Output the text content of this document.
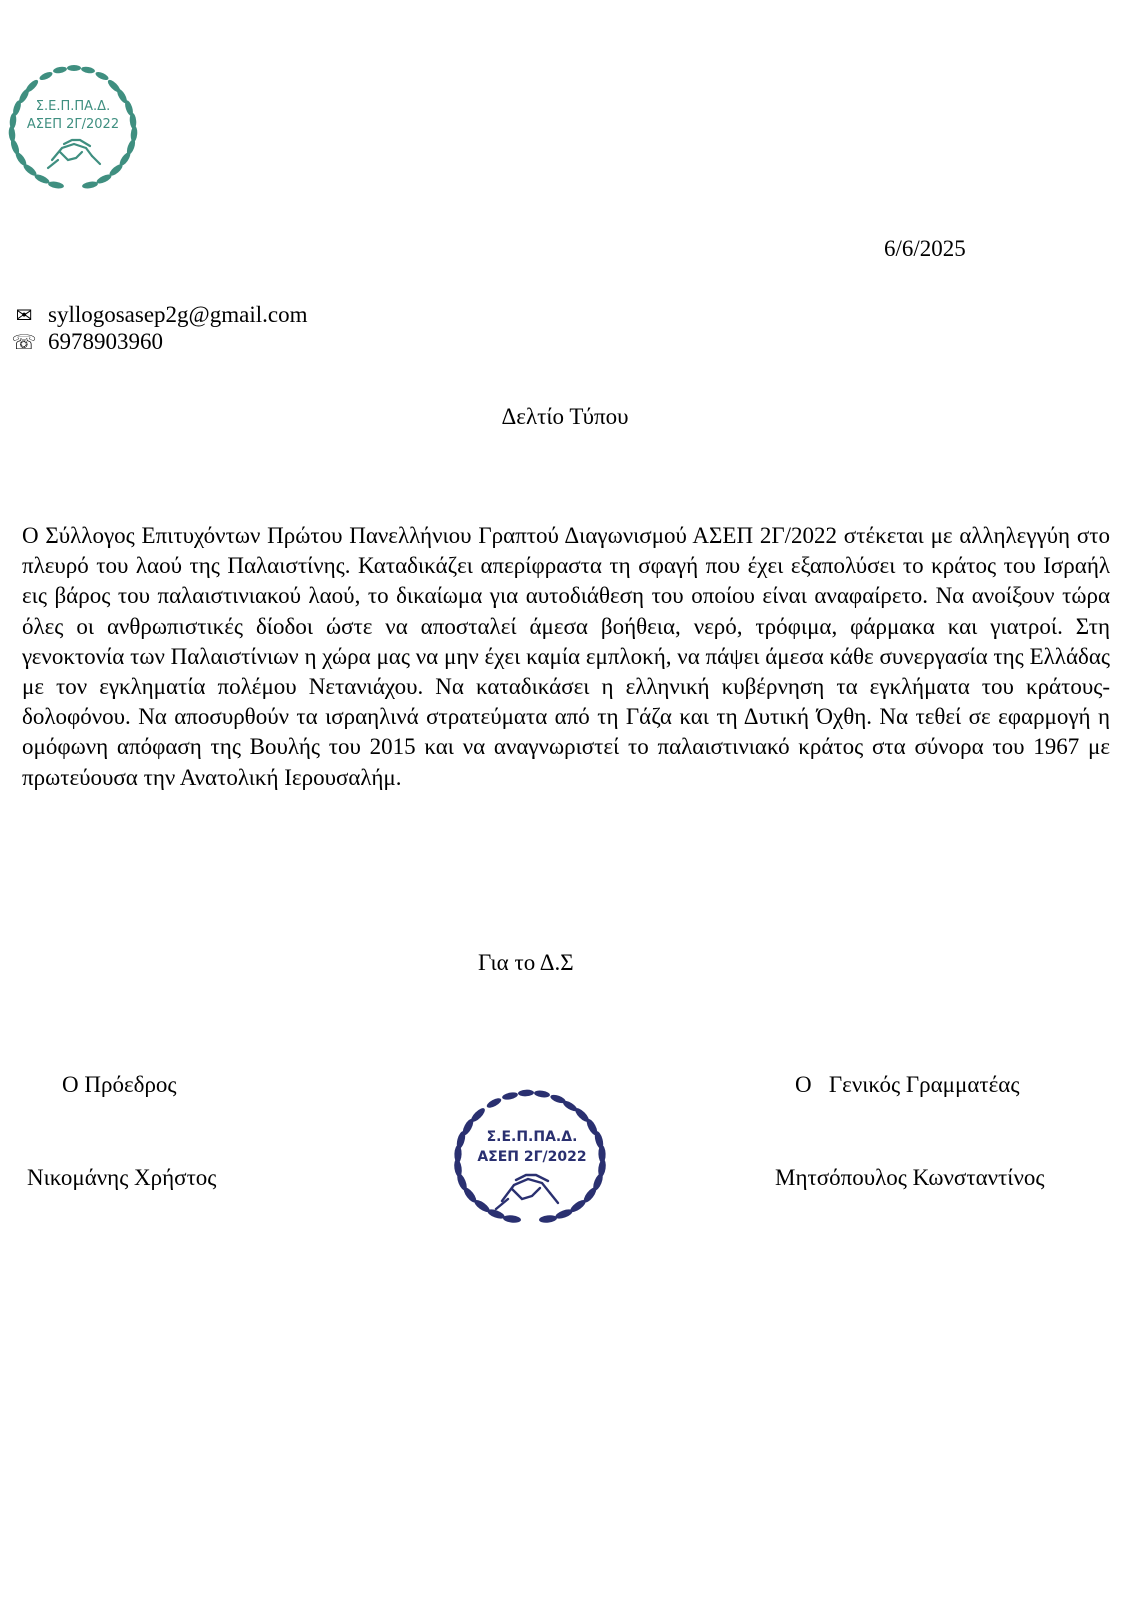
Σ.Ε.Π.ΠΑ.Δ.
ΑΣΕΠ 2Γ/2022
6/6/2025
✉ syllogosasep2g@gmail.com
☏ 6978903960
Δελτίο Τύπου
Ο Σύλλογος Επιτυχόντων Πρώτου Πανελλήνιου Γραπτού Διαγωνισμού ΑΣΕΠ 2Γ/2022 στέκεται με αλληλεγγύη στο πλευρό του λαού της Παλαιστίνης. Καταδικάζει απερίφραστα τη σφαγή που έχει εξαπολύσει το κράτος του Ισραήλ εις βάρος του παλαιστινιακού λαού, το δικαίωμα για αυτοδιάθεση του οποίου είναι αναφαίρετο. Να ανοίξουν τώρα όλες οι ανθρωπιστικές δίοδοι ώστε να αποσταλεί άμεσα βοήθεια, νερό, τρόφιμα, φάρμακα και γιατροί. Στη γενοκτονία των Παλαιστίνιων η χώρα μας να μην έχει καμία εμπλοκή, να πάψει άμεσα κάθε συνεργασία της Ελλάδας με τον εγκληματία πολέμου Νετανιάχου. Να καταδικάσει η ελληνική κυβέρνηση τα εγκλήματα του κράτους-δολοφόνου. Να αποσυρθούν τα ισραηλινά στρατεύματα από τη Γάζα και τη Δυτική Όχθη. Να τεθεί σε εφαρμογή η ομόφωνη απόφαση της Βουλής του 2015 και να αναγνωριστεί το παλαιστινιακό κράτος στα σύνορα του 1967 με πρωτεύουσα την Ανατολική Ιερουσαλήμ.
Για το Δ.Σ
Ο Πρόεδρος
Νικομάνης Χρήστος
Ο   Γενικός Γραμματέας
Μητσόπουλος Κωνσταντίνος
Σ.Ε.Π.ΠΑ.Δ.
ΑΣΕΠ 2Γ/2022
